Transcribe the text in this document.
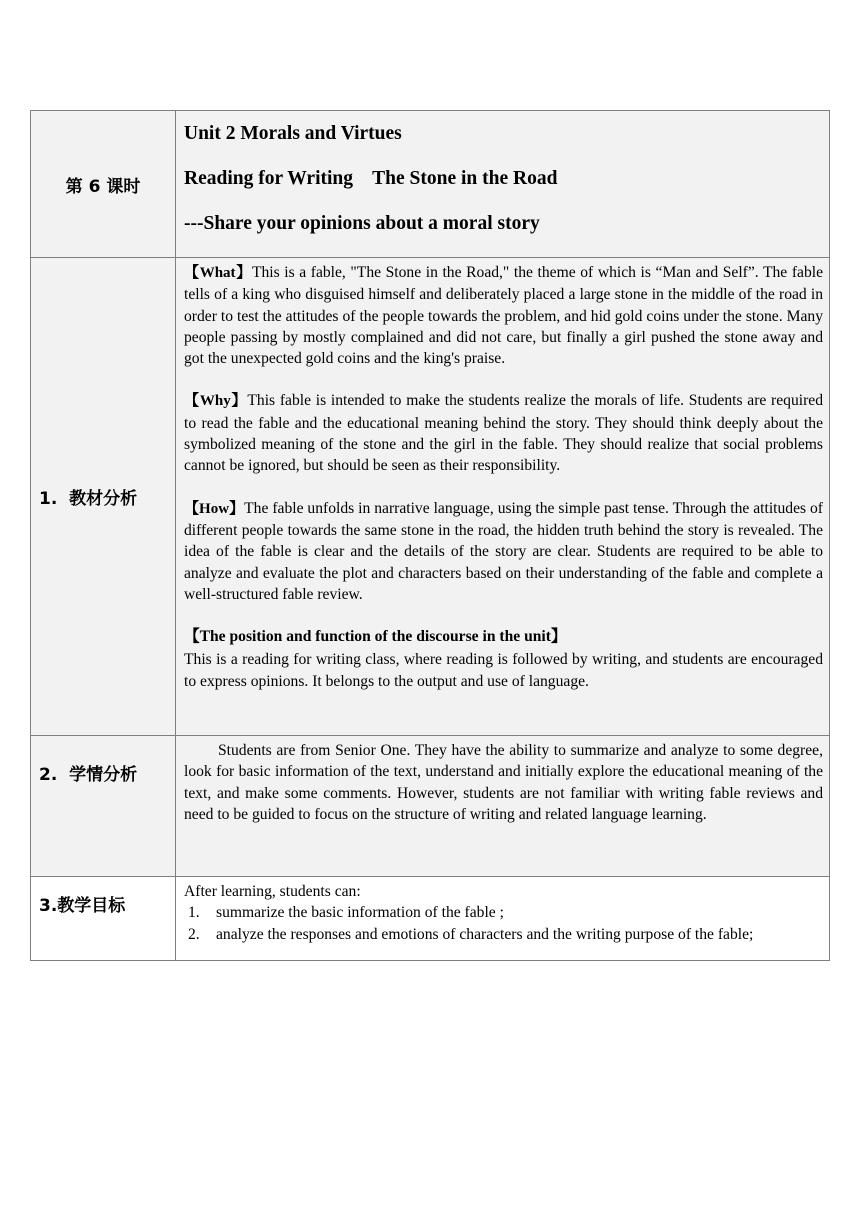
第 6 课时	Unit 2 Morals and Virtues

Reading for Writing    The Stone in the Road

---Share your opinions about a moral story

1.  教材分析	【What】This is a fable, "The Stone in the Road," the theme of which is “Man and Self”. The fable tells of a king who disguised himself and deliberately placed a large stone in the middle of the road in order to test the attitudes of the people towards the problem, and hid gold coins under the stone. Many people passing by mostly complained and did not care, but finally a girl pushed the stone away and got the unexpected gold coins and the king's praise.

【Why】This fable is intended to make the students realize the morals of life. Students are required to read the fable and the educational meaning behind the story. They should think deeply about the symbolized meaning of the stone and the girl in the fable. They should realize that social problems cannot be ignored, but should be seen as their responsibility.

【How】The fable unfolds in narrative language, using the simple past tense. Through the attitudes of different people towards the same stone in the road, the hidden truth behind the story is revealed. The idea of the fable is clear and the details of the story are clear. Students are required to be able to analyze and evaluate the plot and characters based on their understanding of the fable and complete a well-structured fable review.

【The position and function of the discourse in the unit】

This is a reading for writing class, where reading is followed by writing, and students are encouraged to express opinions. It belongs to the output and use of language.

2.  学情分析	Students are from Senior One. They have the ability to summarize and analyze to some degree, look for basic information of the text, understand and initially explore the educational meaning of the text, and make some comments. However, students are not familiar with writing fable reviews and need to be guided to focus on the structure of writing and related language learning.

3.教学目标	After learning, students can:

1. summarize the basic information of the fable ;
2. analyze the responses and emotions of characters and the writing purpose of the fable;
